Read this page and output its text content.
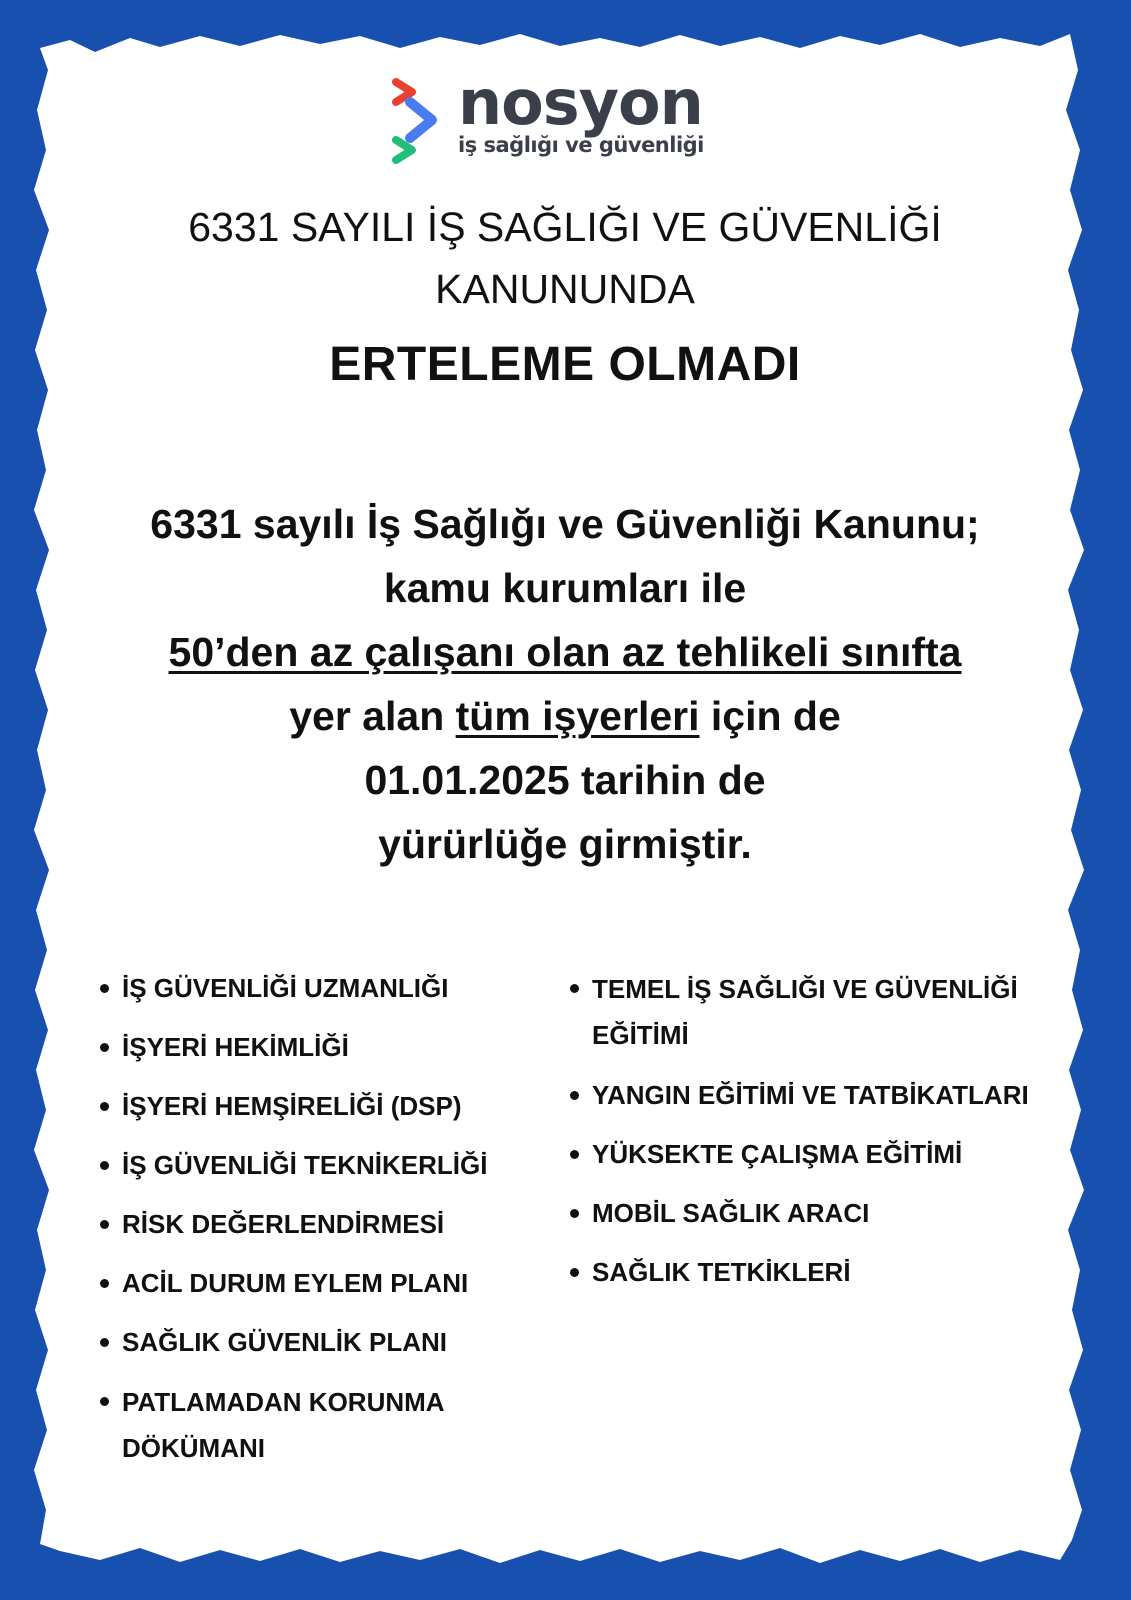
nosyon
iş sağlığı ve güvenliği
6331 SAYILI İŞ SAĞLIĞI VE GÜVENLİĞİ
KANUNUNDA
ERTELEME OLMADI
6331 sayılı İş Sağlığı ve Güvenliği Kanunu;
kamu kurumları ile
50’den az çalışanı olan az tehlikeli sınıfta
yer alan tüm işyerleri için de
01.01.2025 tarihin de
yürürlüğe girmiştir.
İŞ GÜVENLİĞİ UZMANLIĞI
İŞYERİ HEKİMLİĞİ
İŞYERİ HEMŞİRELİĞİ (DSP)
İŞ GÜVENLİĞİ TEKNİKERLİĞİ
RİSK DEĞERLENDİRMESİ
ACİL DURUM EYLEM PLANI
SAĞLIK GÜVENLİK PLANI
PATLAMADAN KORUNMA DÖKÜMANI
TEMEL İŞ SAĞLIĞI VE GÜVENLİĞİ EĞİTİMİ
YANGIN EĞİTİMİ VE TATBİKATLARI
YÜKSEKTE ÇALIŞMA EĞİTİMİ
MOBİL SAĞLIK ARACI
SAĞLIK TETKİKLERİ
